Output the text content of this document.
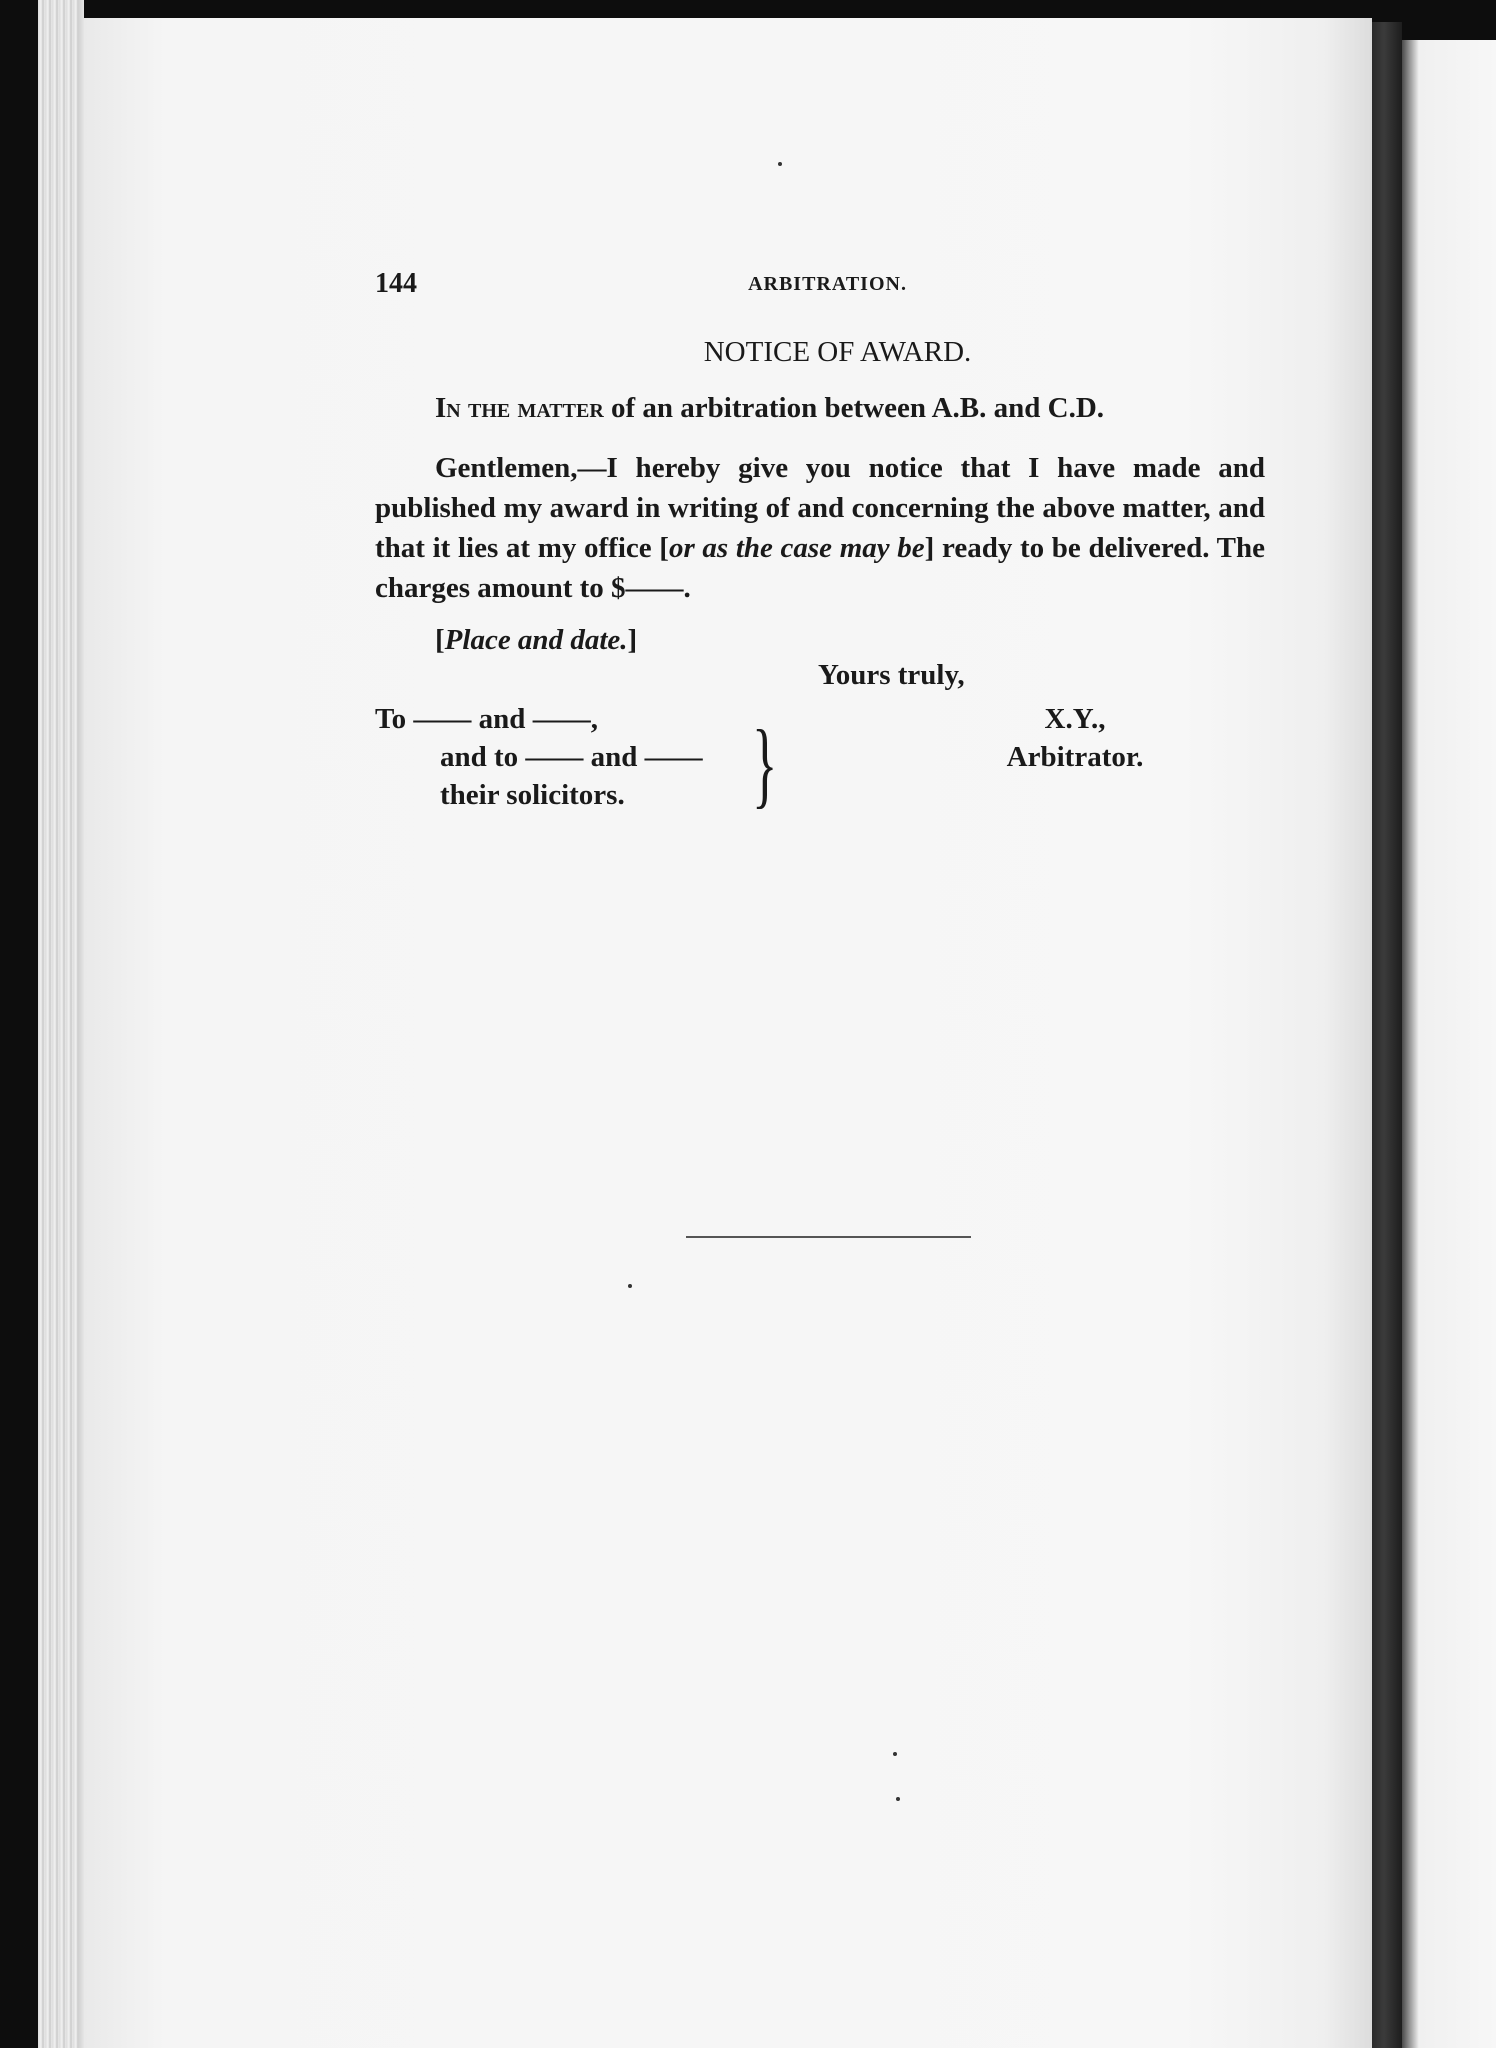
144	ARBITRATION.
NOTICE OF AWARD.
In the matter of an arbitration between A.B. and C.D.

Gentlemen,—I hereby give you notice that I have made and published my award in writing of and concerning the above matter, and that it lies at my office [or as the case may be] ready to be delivered. The charges amount to $——.

[Place and date.]
Yours truly,
To —— and ——,
and to —— and ——
their solicitors.	}	X.Y.,
Arbitrator.
